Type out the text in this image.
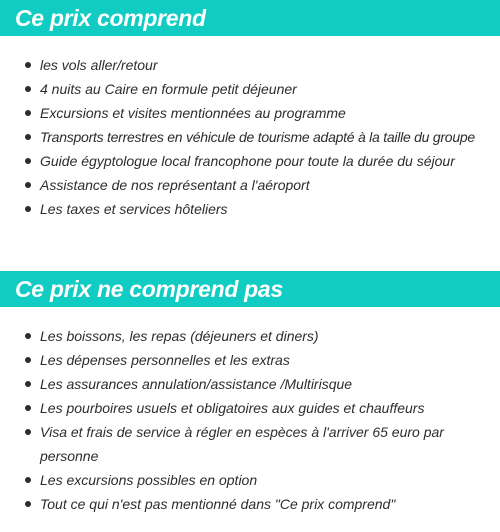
Ce prix comprend
les vols aller/retour
4 nuits au Caire en formule petit déjeuner
Excursions et visites mentionnées au programme
Transports terrestres en véhicule de tourisme adapté à la taille du groupe
Guide égyptologue local francophone pour toute la durée du séjour
Assistance de nos représentant a l'aéroport
Les taxes et services hôteliers
Ce prix ne comprend pas
Les boissons, les repas (déjeuners et diners)
Les dépenses personnelles et les extras
Les assurances annulation/assistance /Multirisque
Les pourboires usuels et obligatoires aux guides et chauffeurs
Visa et frais de service à régler en espèces à l'arriver 65 euro par personne
Les excursions possibles en option
Tout ce qui n'est pas mentionné dans "Ce prix comprend"
